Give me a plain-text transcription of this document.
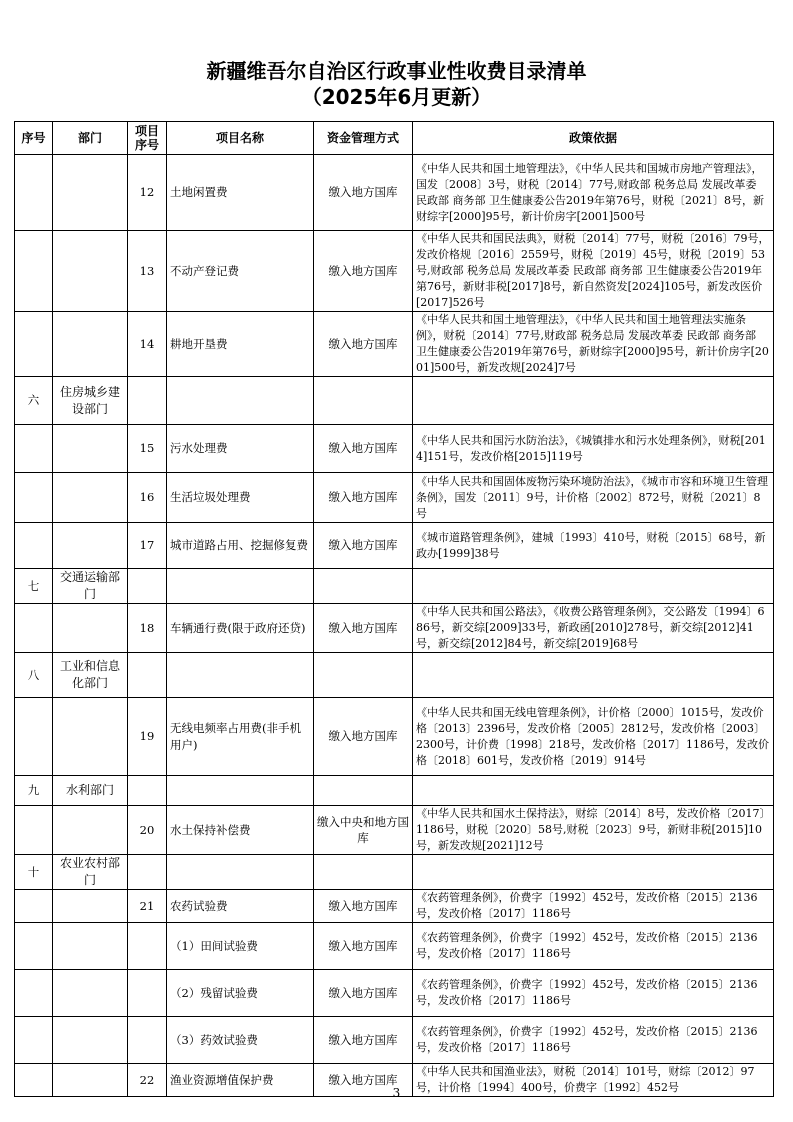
新疆维吾尔自治区行政事业性收费目录清单
（2025年6月更新）
序号	部门	项目序号	项目名称	资金管理方式	政策依据
		12	土地闲置费	缴入地方国库	《中华人民共和国土地管理法》，《中华人民共和国城市房地产管理法》，国发〔2008〕3号，财税〔2014〕77号,财政部 税务总局 发展改革委 民政部 商务部 卫生健康委公告2019年第76号，财税〔2021〕8号，新财综字[2000]95号，新计价房字[2001]500号
		13	不动产登记费	缴入地方国库	《中华人民共和国民法典》，财税〔2014〕77号，财税〔2016〕79号，发改价格规〔2016〕2559号，财税〔2019〕45号，财税〔2019〕53号,财政部 税务总局 发展改革委 民政部 商务部 卫生健康委公告2019年第76号，新财非税[2017]8号，新自然资发[2024]105号，新发改医价[2017]526号
		14	耕地开垦费	缴入地方国库	《中华人民共和国土地管理法》，《中华人民共和国土地管理法实施条例》，财税〔2014〕77号,财政部 税务总局 发展改革委 民政部 商务部 卫生健康委公告2019年第76号，新财综字[2000]95号，新计价房字[2001]500号，新发改规[2024]7号
六	住房城乡建设部门				
		15	污水处理费	缴入地方国库	《中华人民共和国污水防治法》，《城镇排水和污水处理条例》，财税[2014]151号，发改价格[2015]119号
		16	生活垃圾处理费	缴入地方国库	《中华人民共和国固体废物污染环境防治法》，《城市市容和环境卫生管理条例》，国发〔2011〕9号，计价格〔2002〕872号，财税〔2021〕8号
		17	城市道路占用、挖掘修复费	缴入地方国库	《城市道路管理条例》，建城〔1993〕410号，财税〔2015〕68号，新政办[1999]38号
七	交通运输部门				
		18	车辆通行费(限于政府还贷)	缴入地方国库	《中华人民共和国公路法》，《收费公路管理条例》，交公路发〔1994〕686号，新交综[2009]33号，新政函[2010]278号，新交综[2012]41号，新交综[2012]84号，新交综[2019]68号
八	工业和信息化部门				
		19	无线电频率占用费(非手机用户)	缴入地方国库	《中华人民共和国无线电管理条例》，计价格〔2000〕1015号，发改价格〔2013〕2396号，发改价格〔2005〕2812号，发改价格〔2003〕2300号，计价费〔1998〕218号，发改价格〔2017〕1186号，发改价格〔2018〕601号，发改价格〔2019〕914号
九	水利部门				
		20	水土保持补偿费	缴入中央和地方国库	《中华人民共和国水土保持法》，财综〔2014〕8号，发改价格〔2017〕1186号，财税〔2020〕58号,财税〔2023〕9号，新财非税[2015]10号，新发改规[2021]12号
十	农业农村部门				
		21	农药试验费	缴入地方国库	《农药管理条例》，价费字〔1992〕452号，发改价格〔2015〕2136号，发改价格〔2017〕1186号
			（1）田间试验费	缴入地方国库	《农药管理条例》，价费字〔1992〕452号，发改价格〔2015〕2136号，发改价格〔2017〕1186号
			（2）残留试验费	缴入地方国库	《农药管理条例》，价费字〔1992〕452号，发改价格〔2015〕2136号，发改价格〔2017〕1186号
			（3）药效试验费	缴入地方国库	《农药管理条例》，价费字〔1992〕452号，发改价格〔2015〕2136号，发改价格〔2017〕1186号
		22	渔业资源增值保护费	缴入地方国库	《中华人民共和国渔业法》，财税〔2014〕101号，财综〔2012〕97号，计价格〔1994〕400号，价费字〔1992〕452号
3
